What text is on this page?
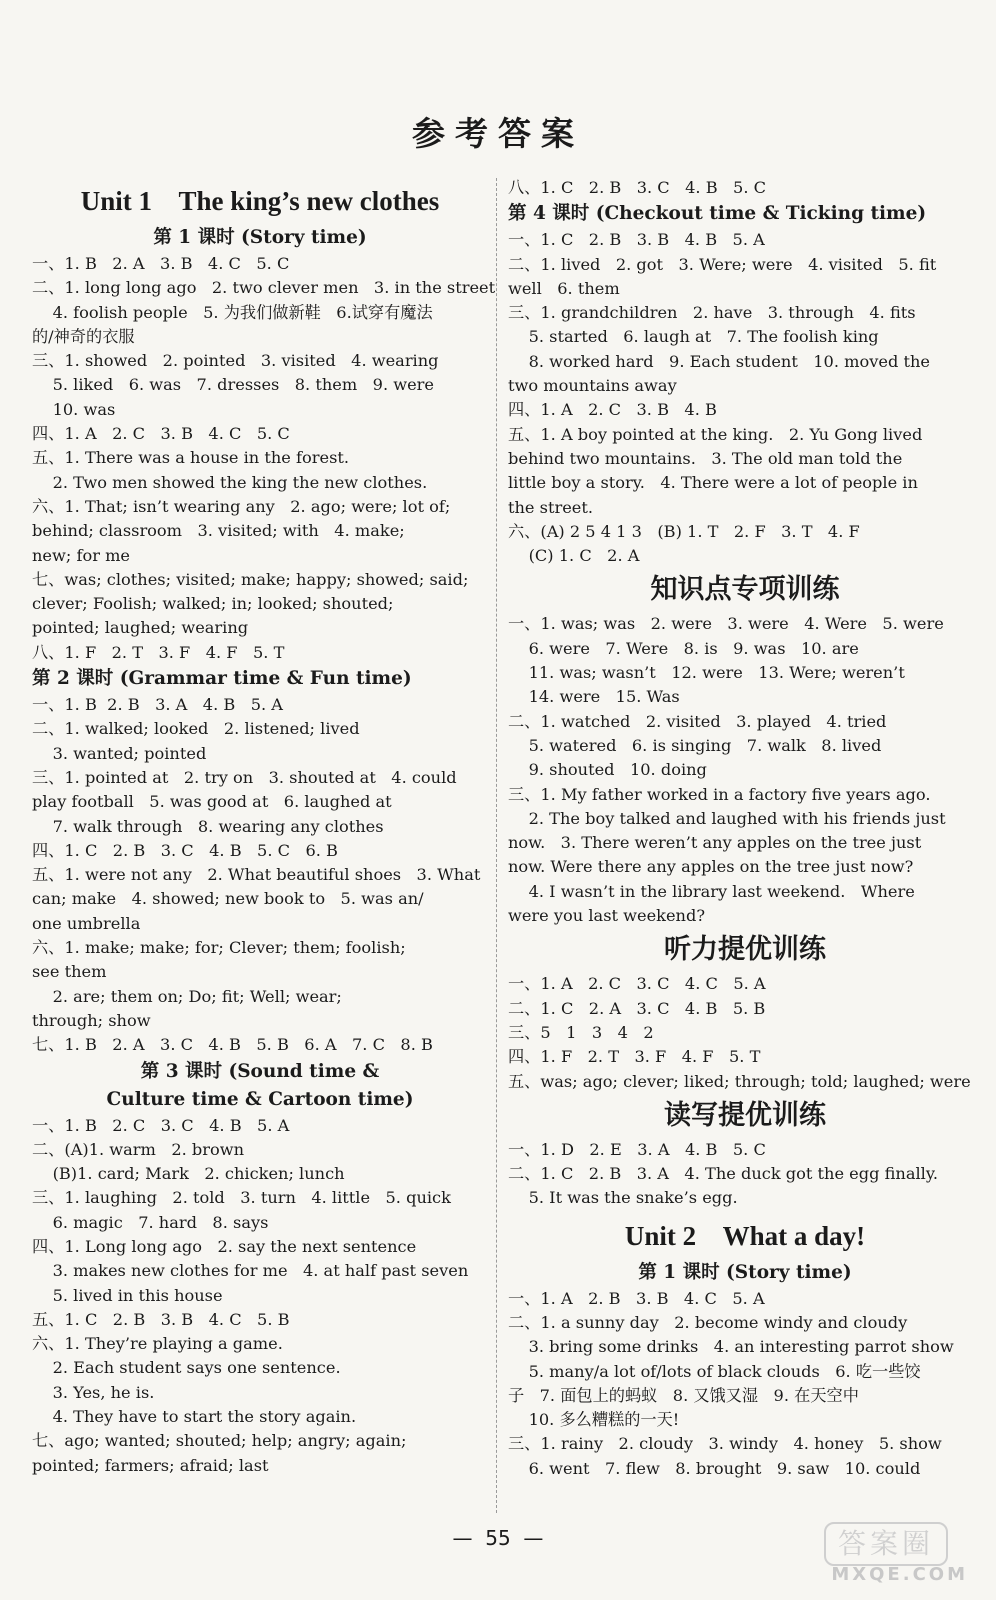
参考答案
Unit 1    The king’s new clothes
第 1 课时 (Story time)
一、1. B   2. A   3. B   4. C   5. C
二、1. long long ago   2. two clever men   3. in the street
4. foolish people   5. 为我们做新鞋   6.试穿有魔法
的/神奇的衣服
三、1. showed   2. pointed   3. visited   4. wearing
5. liked   6. was   7. dresses   8. them   9. were
10. was
四、1. A   2. C   3. B   4. C   5. C
五、1. There was a house in the forest.
2. Two men showed the king the new clothes.
六、1. That; isn’t wearing any   2. ago; were; lot of;
behind; classroom   3. visited; with   4. make;
new; for me
七、was; clothes; visited; make; happy; showed; said;
clever; Foolish; walked; in; looked; shouted;
pointed; laughed; wearing
八、1. F   2. T   3. F   4. F   5. T
第 2 课时 (Grammar time & Fun time)
一、1. B  2. B   3. A   4. B   5. A
二、1. walked; looked   2. listened; lived
3. wanted; pointed
三、1. pointed at   2. try on   3. shouted at   4. could
play football   5. was good at   6. laughed at
7. walk through   8. wearing any clothes
四、1. C   2. B   3. C   4. B   5. C   6. B
五、1. were not any   2. What beautiful shoes   3. What
can; make   4. showed; new book to   5. was an/
one umbrella
六、1. make; make; for; Clever; them; foolish;
see them
2. are; them on; Do; fit; Well; wear;
through; show
七、1. B   2. A   3. C   4. B   5. B   6. A   7. C   8. B
第 3 课时 (Sound time &
Culture time & Cartoon time)
一、1. B   2. C   3. C   4. B   5. A
二、(A)1. warm   2. brown
(B)1. card; Mark   2. chicken; lunch
三、1. laughing   2. told   3. turn   4. little   5. quick
6. magic   7. hard   8. says
四、1. Long long ago   2. say the next sentence
3. makes new clothes for me   4. at half past seven
5. lived in this house
五、1. C   2. B   3. B   4. C   5. B
六、1. They’re playing a game.
2. Each student says one sentence.
3. Yes, he is.
4. They have to start the story again.
七、ago; wanted; shouted; help; angry; again;
pointed; farmers; afraid; last
八、1. C   2. B   3. C   4. B   5. C
第 4 课时 (Checkout time & Ticking time)
一、1. C   2. B   3. B   4. B   5. A
二、1. lived   2. got   3. Were; were   4. visited   5. fit
well   6. them
三、1. grandchildren   2. have   3. through   4. fits
5. started   6. laugh at   7. The foolish king
8. worked hard   9. Each student   10. moved the
two mountains away
四、1. A   2. C   3. B   4. B
五、1. A boy pointed at the king.   2. Yu Gong lived
behind two mountains.   3. The old man told the
little boy a story.   4. There were a lot of people in
the street.
六、(A) 2 5 4 1 3   (B) 1. T   2. F   3. T   4. F
(C) 1. C   2. A
知识点专项训练
一、1. was; was   2. were   3. were   4. Were   5. were
6. were   7. Were   8. is   9. was   10. are
11. was; wasn’t   12. were   13. Were; weren’t
14. were   15. Was
二、1. watched   2. visited   3. played   4. tried
5. watered   6. is singing   7. walk   8. lived
9. shouted   10. doing
三、1. My father worked in a factory five years ago.
2. The boy talked and laughed with his friends just
now.   3. There weren’t any apples on the tree just
now. Were there any apples on the tree just now?
4. I wasn’t in the library last weekend.   Where
were you last weekend?
听力提优训练
一、1. A   2. C   3. C   4. C   5. A
二、1. C   2. A   3. C   4. B   5. B
三、5   1   3   4   2
四、1. F   2. T   3. F   4. F   5. T
五、was; ago; clever; liked; through; told; laughed; were
读写提优训练
一、1. D   2. E   3. A   4. B   5. C
二、1. C   2. B   3. A   4. The duck got the egg finally.
5. It was the snake’s egg.
Unit 2    What a day!
第 1 课时 (Story time)
一、1. A   2. B   3. B   4. C   5. A
二、1. a sunny day   2. become windy and cloudy
3. bring some drinks   4. an interesting parrot show
5. many/a lot of/lots of black clouds   6. 吃一些饺
子   7. 面包上的蚂蚁   8. 又饿又湿   9. 在天空中
10. 多么糟糕的一天!
三、1. rainy   2. cloudy   3. windy   4. honey   5. show
6. went   7. flew   8. brought   9. saw   10. could
—  55  —	答案圈
MXQE.COM
